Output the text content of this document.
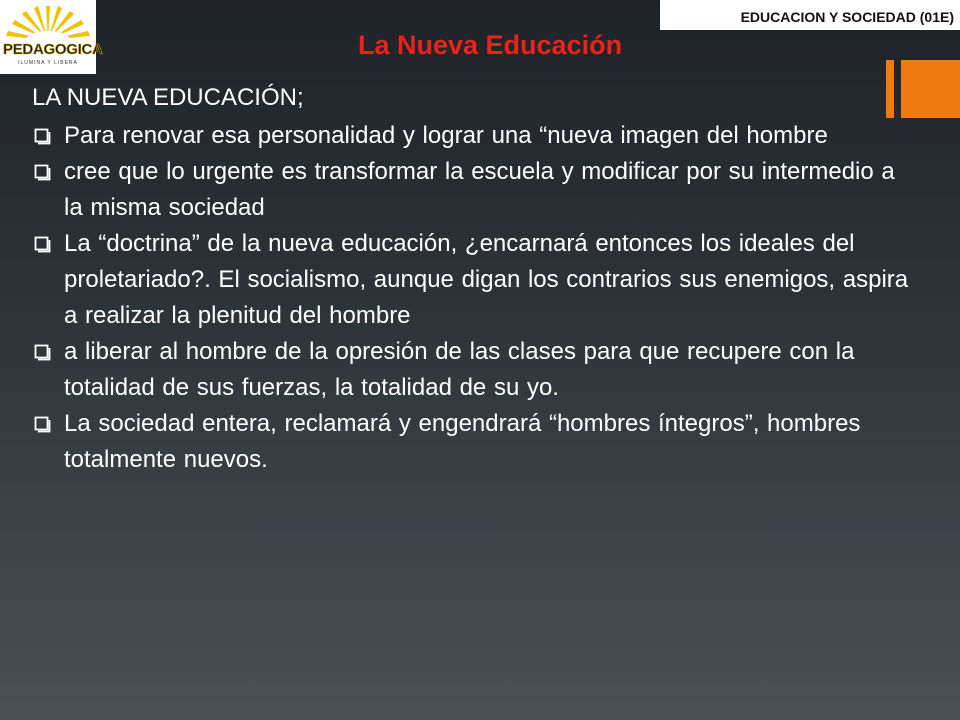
PEDAGOGICA
ILUMINA Y LIBERA
EDUCACION Y SOCIEDAD (01E)
La Nueva Educación
LA NUEVA EDUCACIÓN;
Para renovar esa personalidad y lograr una “nueva imagen del hombre
cree que lo urgente es transformar la escuela y modificar por su intermedio a la misma sociedad
La “doctrina” de la nueva educación, ¿encarnará entonces los ideales del proletariado?. El socialismo, aunque digan los contrarios sus enemigos, aspira a realizar la plenitud del hombre
a liberar al hombre de la opresión de las clases para que recupere con la totalidad de sus fuerzas, la totalidad de su yo.
La sociedad entera, reclamará y engendrará “hombres íntegros”, hombres totalmente nuevos.
